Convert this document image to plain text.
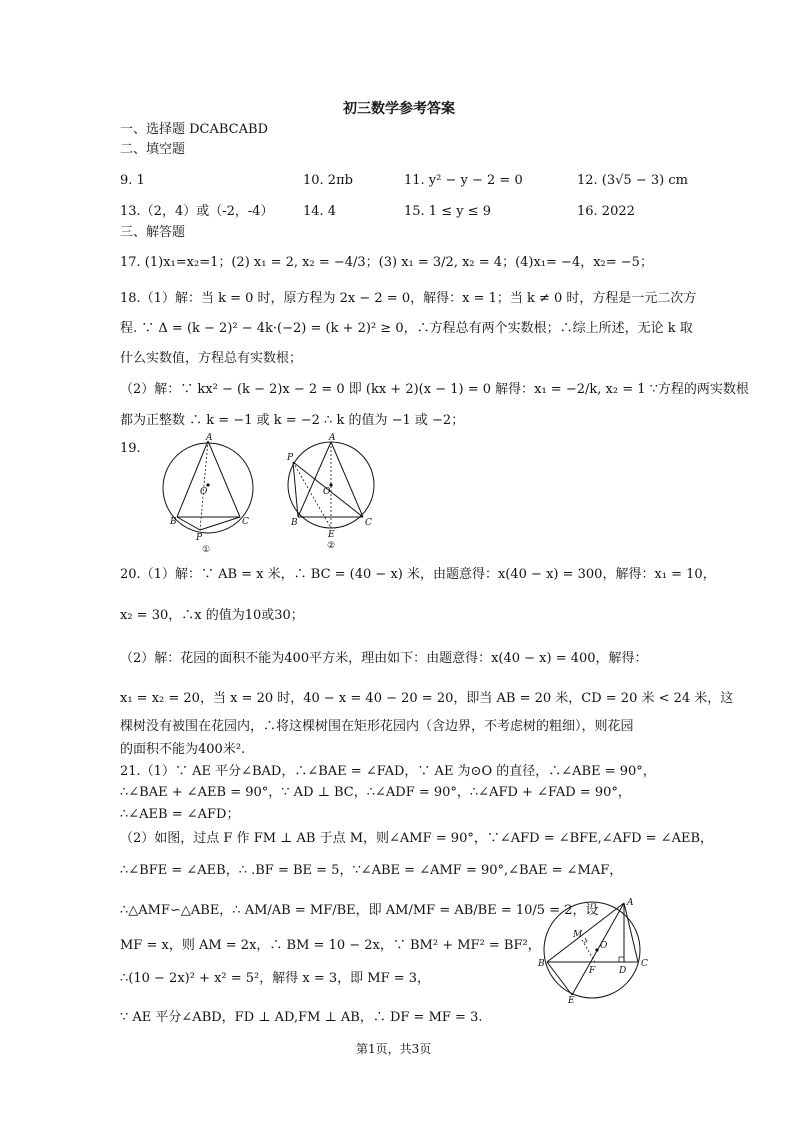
初三数学参考答案
一、选择题 DCABCABD
二、填空题
9. 1	10. 2πb	11. y² − y − 2 = 0	12. (3√5 − 3) cm
13.（2，4）或（-2，-4） 14. 4	15. 1 ≤ y ≤ 9	16. 2022
三、解答题
17. (1)x₁=x₂=1；(2) x₁ = 2, x₂ = −4/3；(3) x₁ = 3/2, x₂ = 4；(4)x₁= −4，x₂= −5；
18.（1）解：当 k = 0 时，原方程为 2x − 2 = 0，解得：x = 1；当 k ≠ 0 时，方程是一元二次方
程. ∵ Δ = (k − 2)² − 4k·(−2) = (k + 2)² ≥ 0，∴方程总有两个实数根；∴综上所述，无论 k 取
什么实数值，方程总有实数根；
（2）解：∵ kx² − (k − 2)x − 2 = 0 即 (kx + 2)(x − 1) = 0 解得：x₁ = −2/k, x₂ = 1 ∵方程的两实数根
都为正整数 ∴ k = −1 或 k = −2 ∴ k 的值为 −1 或 −2；
19.
A
O
B	C
P
①
A
P
O
B	C
E
②
20.（1）解：∵ AB = x 米，∴ BC = (40 − x) 米，由题意得：x(40 − x) = 300，解得：x₁ = 10，
x₂ = 30，∴x 的值为10或30；
（2）解：花园的面积不能为400平方米，理由如下：由题意得：x(40 − x) = 400，解得：
x₁ = x₂ = 20，当 x = 20 时，40 − x = 40 − 20 = 20，即当 AB = 20 米，CD = 20 米 < 24 米，这
棵树没有被围在花园内，∴将这棵树围在矩形花园内（含边界，不考虑树的粗细），则花园
的面积不能为400米².
21.（1）∵ AE 平分∠BAD，∴∠BAE = ∠FAD，∵ AE 为⊙O 的直径，∴∠ABE = 90°，
∴∠BAE + ∠AEB = 90°，∵ AD ⊥ BC，∴∠ADF = 90°，∴∠AFD + ∠FAD = 90°，
∴∠AEB = ∠AFD；
（2）如图，过点 F 作 FM ⊥ AB 于点 M，则∠AMF = 90°，∵∠AFD = ∠BFE,∠AFD = ∠AEB，
∴∠BFE = ∠AEB，∴ .BF = BE = 5，∵∠ABE = ∠AMF = 90°,∠BAE = ∠MAF，
∴△AMF∽△ABE，∴ AM/AB = MF/BE，即 AM/MF = AB/BE = 10/5 = 2，设
MF = x，则 AM = 2x，∴ BM = 10 − 2x，∵ BM² + MF² = BF²，
∴(10 − 2x)² + x² = 5²，解得 x = 3，即 MF = 3，
∵ AE 平分∠ABD，FD ⊥ AD,FM ⊥ AB，∴ DF = MF = 3.
A
M
O
B
F	D
C
E
第1页，共3页
